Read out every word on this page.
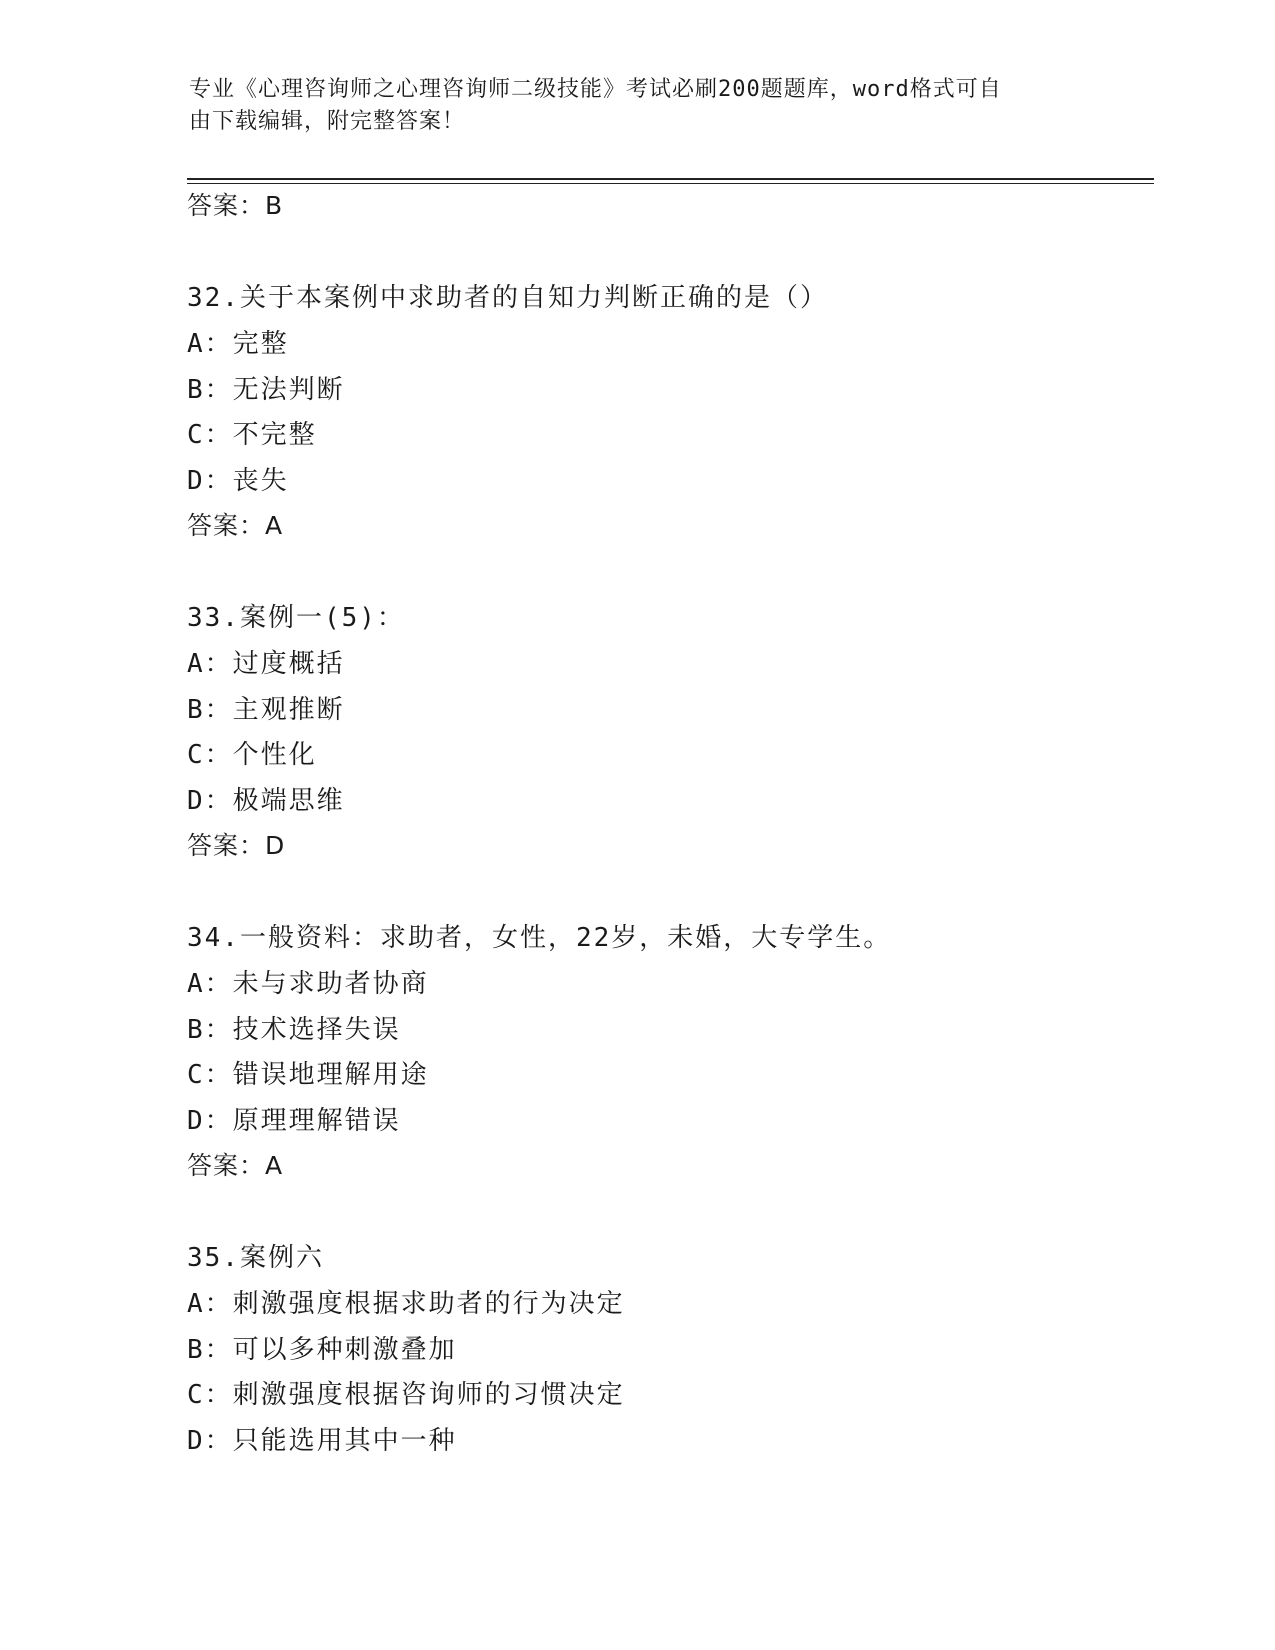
专业《心理咨询师之心理咨询师二级技能》考试必刷200题题库，word格式可自
由下载编辑，附完整答案！
答案：B
32.关于本案例中求助者的自知力判断正确的是（）
A：完整
B：无法判断
C：不完整
D：丧失
答案：A
33.案例一(5)：
A：过度概括
B：主观推断
C：个性化
D：极端思维
答案：D
34.一般资料：求助者，女性，22岁，未婚，大专学生。
A：未与求助者协商
B：技术选择失误
C：错误地理解用途
D：原理理解错误
答案：A
35.案例六
A：刺激强度根据求助者的行为决定
B：可以多种刺激叠加
C：刺激强度根据咨询师的习惯决定
D：只能选用其中一种
